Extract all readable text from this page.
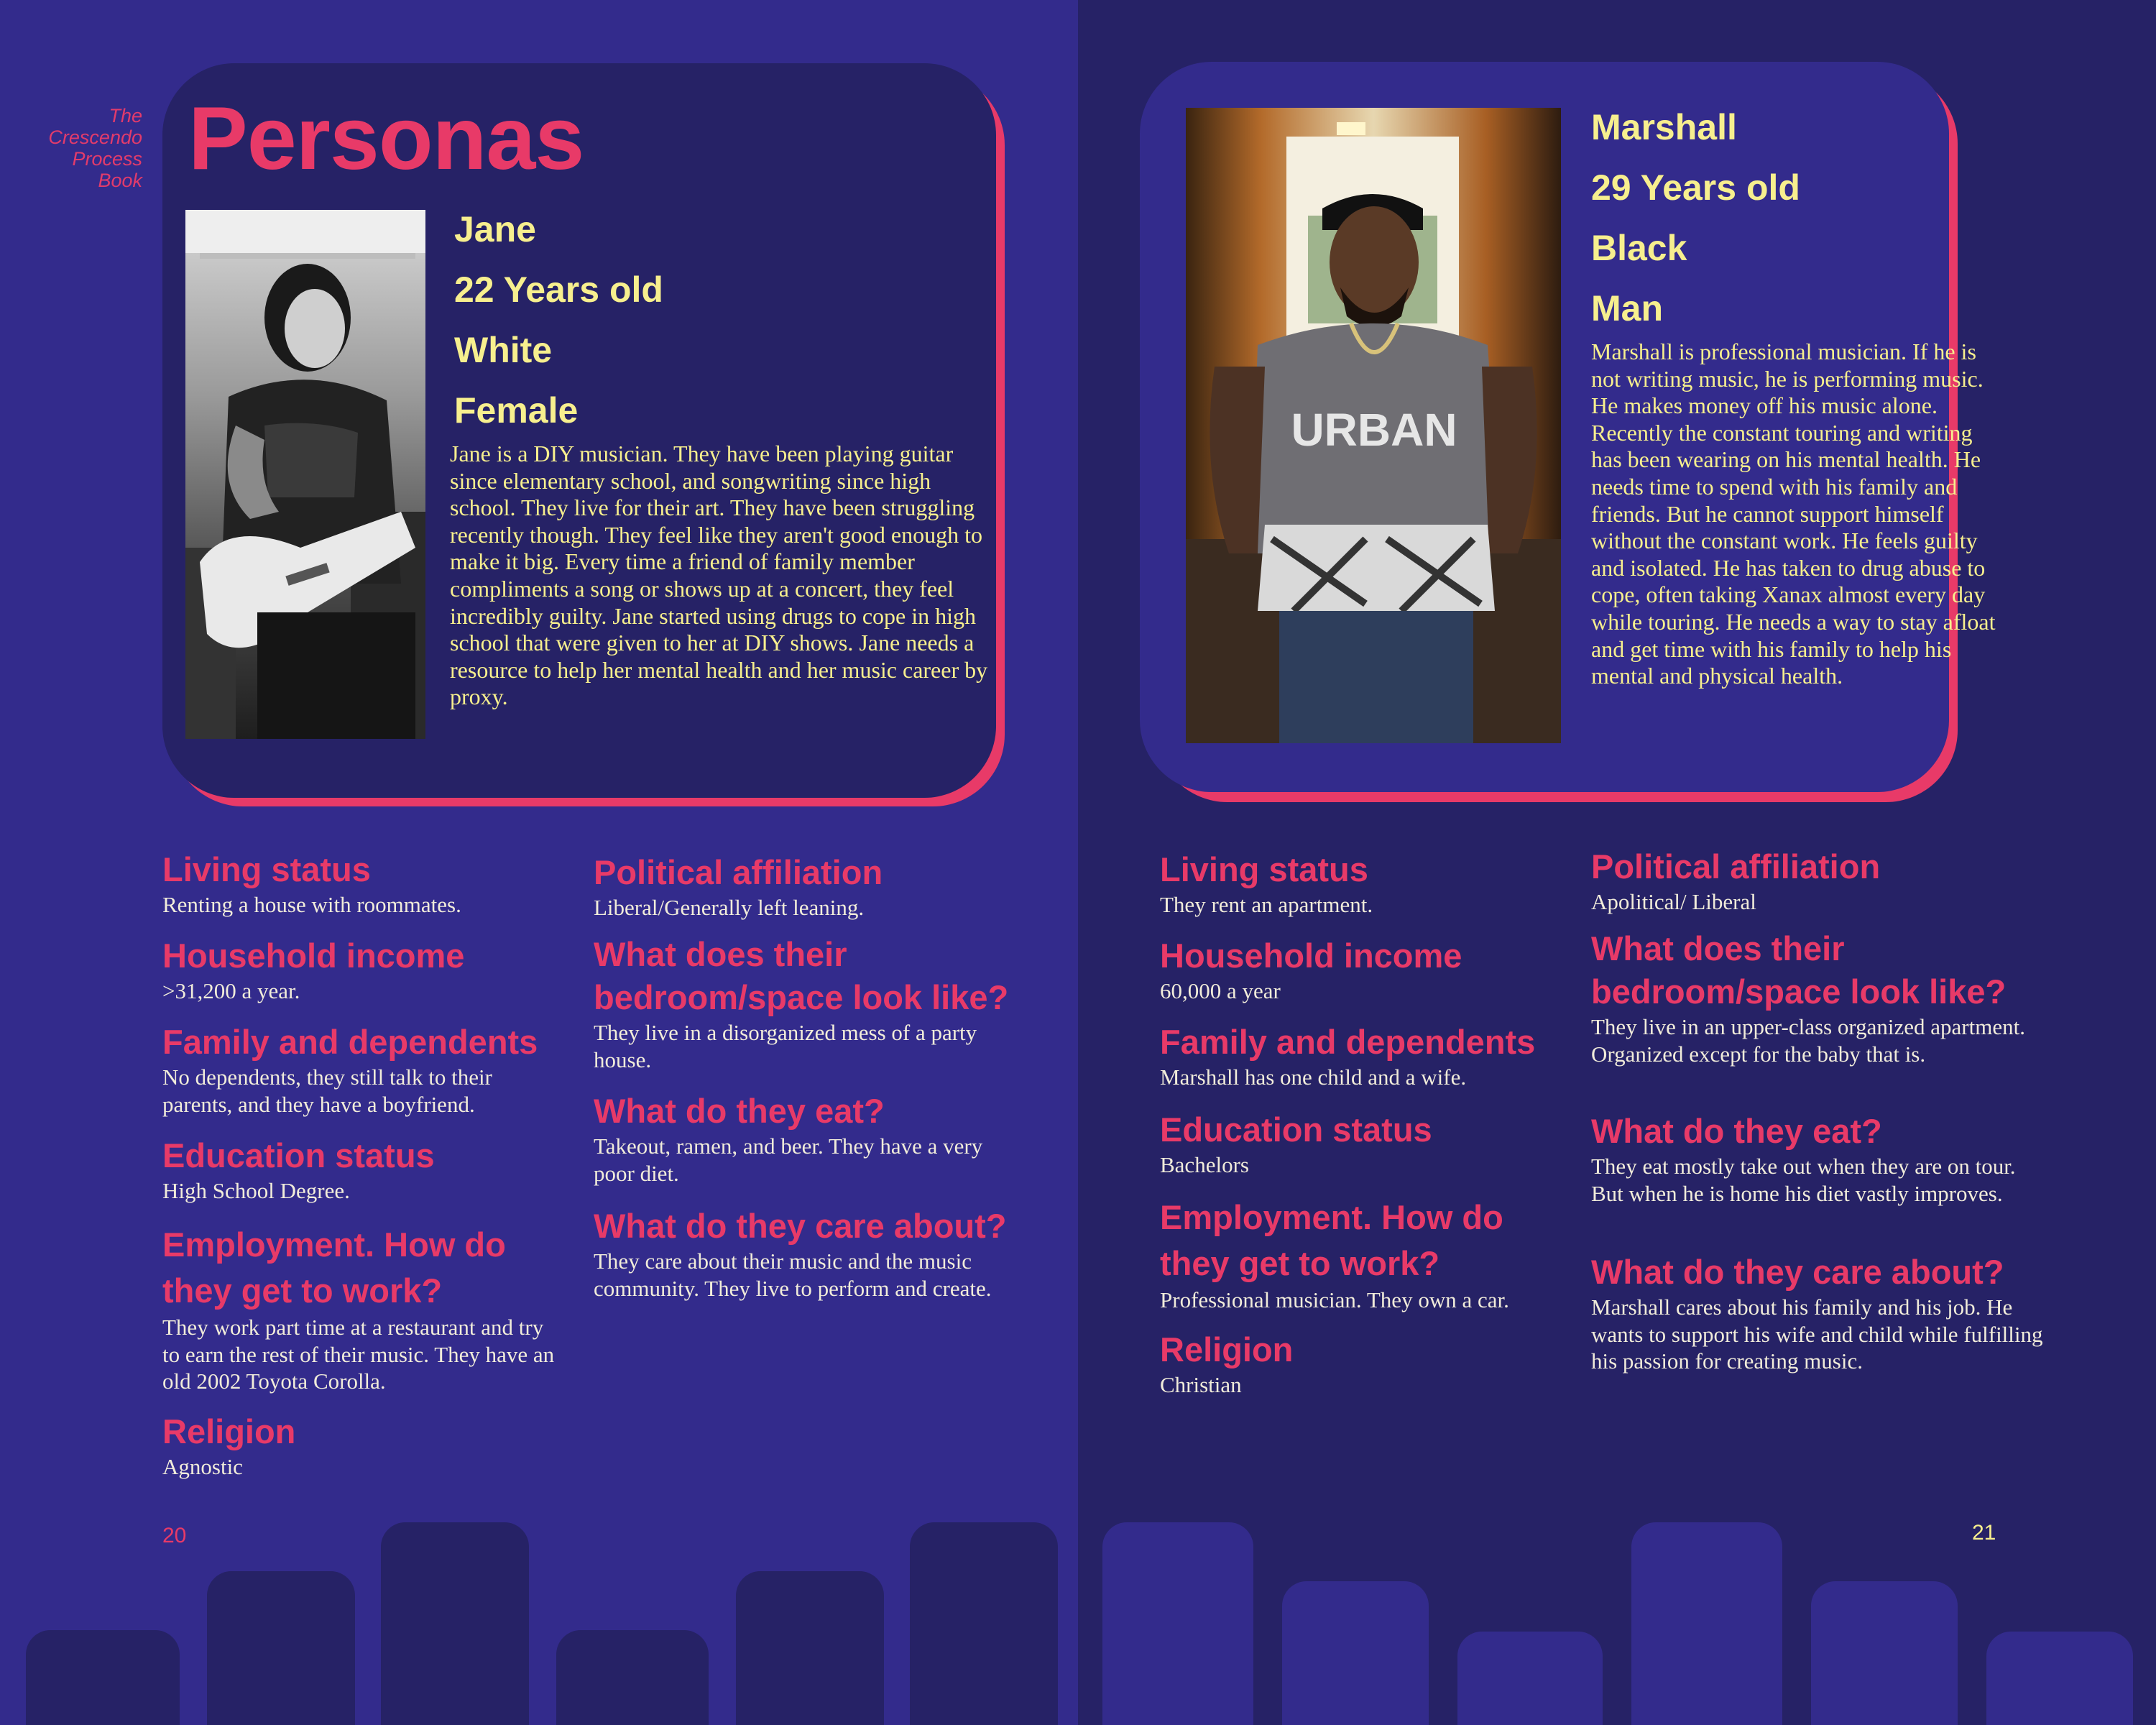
The
Crescendo
Process
Book Personas

Jane

22 Years old

White

Female

Jane is a DIY musician. They have been playing guitar since elementary school, and songwriting since high school. They live for their art. They have been struggling recently though. They feel like they aren't good enough to make it big. Every time a friend of family member compliments a song or shows up at a concert, they feel incredibly guilty. Jane started using drugs to cope in high school that were given to her at DIY shows. Jane needs a resource to help her mental health and her music career by proxy.

Living status

Renting a house with roommates.

Household income

>31,200 a year.

Family and dependents

No dependents, they still talk to their parents, and they have a boyfriend.

Education status

High School Degree.

Employment. How do they get to work?

They work part time at a restaurant and try to earn the rest of their music. They have an old 2002 Toyota Corolla.

Religion

Agnostic

Political affiliation

Liberal/Generally left leaning.

What does their bedroom/space look like?

They live in a disorganized mess of a party house.

What do they eat?

Takeout, ramen, and beer. They have a very poor diet.

What do they care about?

They care about their music and the music community. They live to perform and create.

20
URBAN

Marshall

29 Years old

Black

Man

Marshall is professional musician. If he is not writing music, he is performing music. He makes money off his music alone. Recently the constant touring and writing has been wearing on his mental health. He needs time to spend with his family and friends. But he cannot support himself without the constant work. He feels guilty and isolated. He has taken to drug abuse to cope, often taking Xanax almost every day while touring. He needs a way to stay afloat and get time with his family to help his mental and physical health.

Living status

They rent an apartment.

Household income

60,000 a year

Family and dependents

Marshall has one child and a wife.

Education status

Bachelors

Employment. How do they get to work?

Professional musician. They own a car.

Religion

Christian

Political affiliation

Apolitical/ Liberal

What does their bedroom/space look like?

They live in an upper-class organized apartment. Organized except for the baby that is.

What do they eat?

They eat mostly take out when they are on tour. But when he is home his diet vastly improves.

What do they care about?

Marshall cares about his family and his job. He wants to support his wife and child while fulfilling his passion for creating music.

21
